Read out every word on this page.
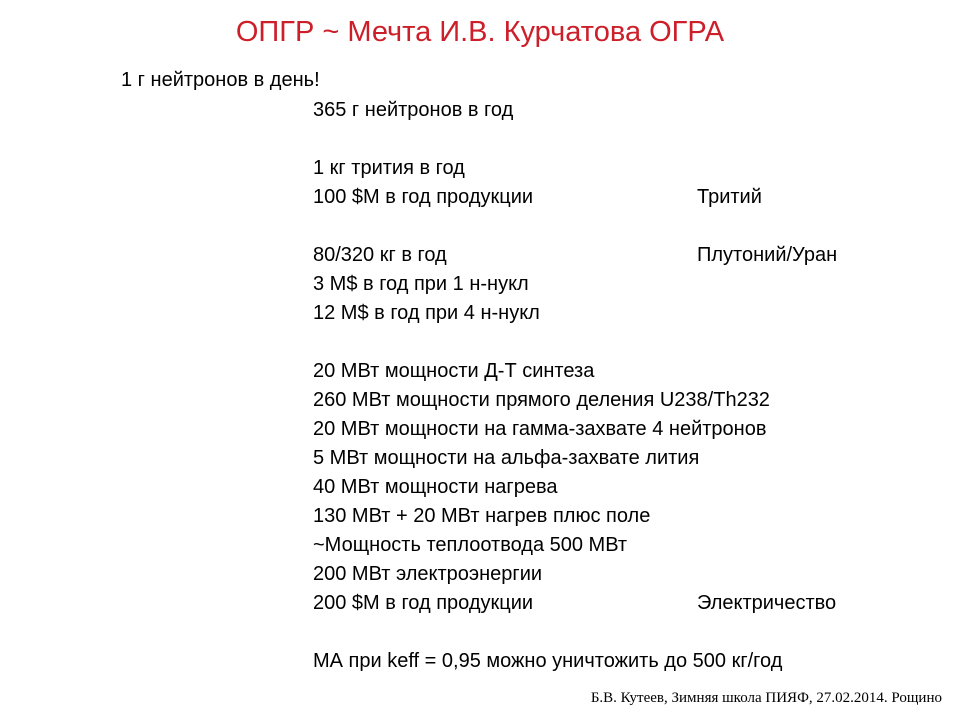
ОПГР ~ Мечта И.В. Курчатова ОГРА
1 г нейтронов в день!
365 г нейтронов в год
1 кг трития в год
100 $M в год продукции	Тритий
80/320 кг в год	Плутоний/Уран
3 M$ в год при 1 н-нукл
12 M$ в год при 4 н-нукл
20 МВт мощности Д-Т синтеза
260 МВт мощности прямого деления U238/Th232
20 МВт мощности на гамма-захвате 4 нейтронов
5 МВт мощности на альфа-захвате лития
40 МВт мощности нагрева
130 МВт + 20 МВт нагрев плюс поле
~Мощность теплоотвода 500 МВт
200 МВт электроэнергии
200 $M в год продукции	Электричество
МА при keff = 0,95 можно уничтожить до 500 кг/год
Б.В. Кутеев, Зимняя школа ПИЯФ, 27.02.2014. Рощино
